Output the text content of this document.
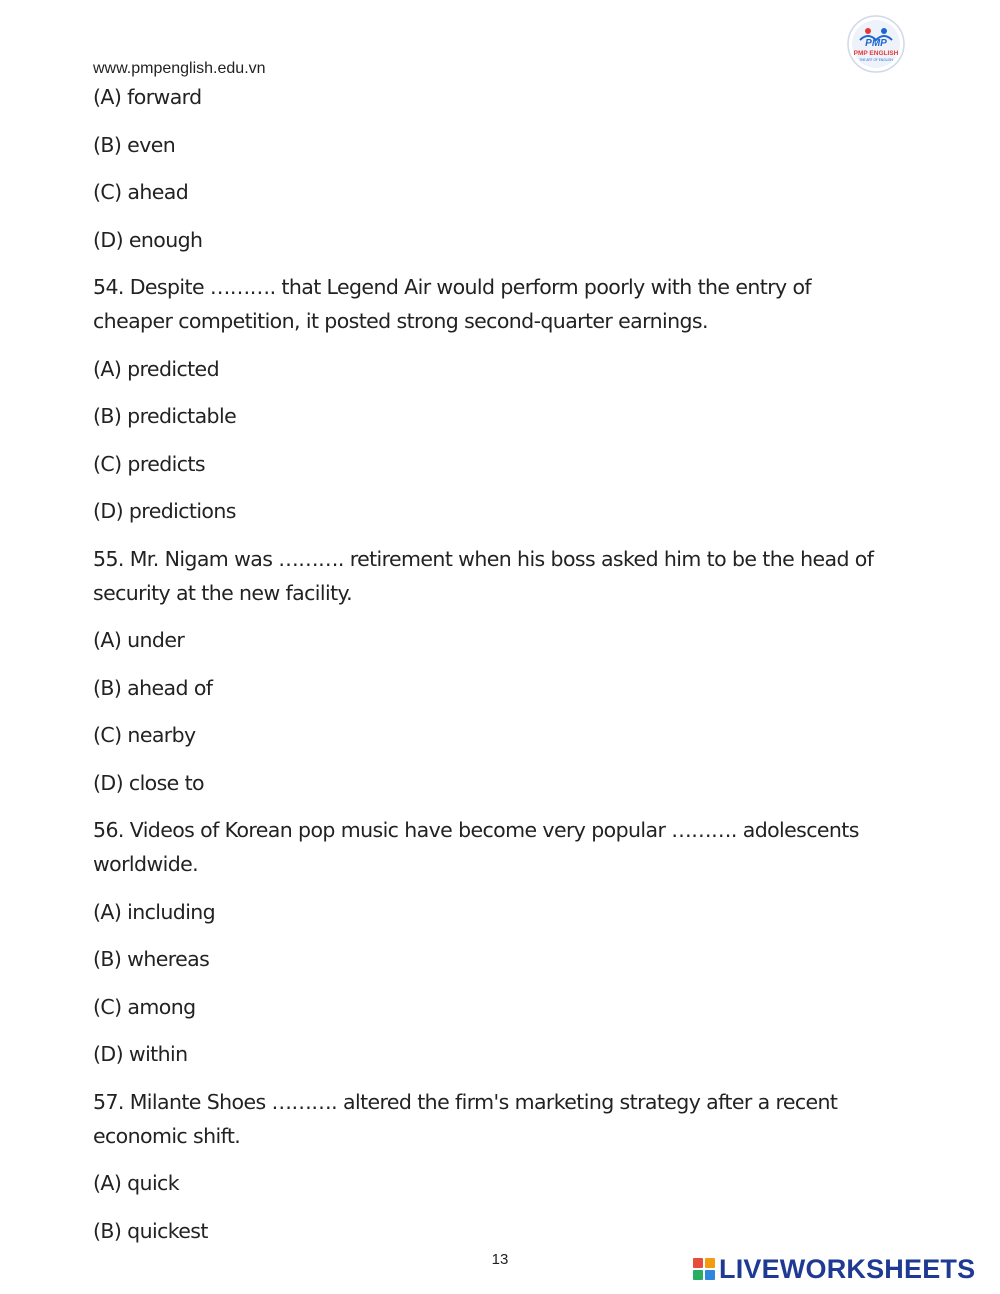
www.pmpenglish.edu.vn
PMP
PMP ENGLISH
THE ART OF ENGLISH
(A) forward
(B) even
(C) ahead
(D) enough
54. Despite ………. that Legend Air would perform poorly with the entry of
cheaper competition, it posted strong second-quarter earnings.
(A) predicted
(B) predictable
(C) predicts
(D) predictions
55. Mr. Nigam was ………. retirement when his boss asked him to be the head of
security at the new facility.
(A) under
(B) ahead of
(C) nearby
(D) close to
56. Videos of Korean pop music have become very popular ………. adolescents
worldwide.
(A) including
(B) whereas
(C) among
(D) within
57. Milante Shoes ………. altered the firm's marketing strategy after a recent
economic shift.
(A) quick
(B) quickest
13	LIVEWORKSHEETS
